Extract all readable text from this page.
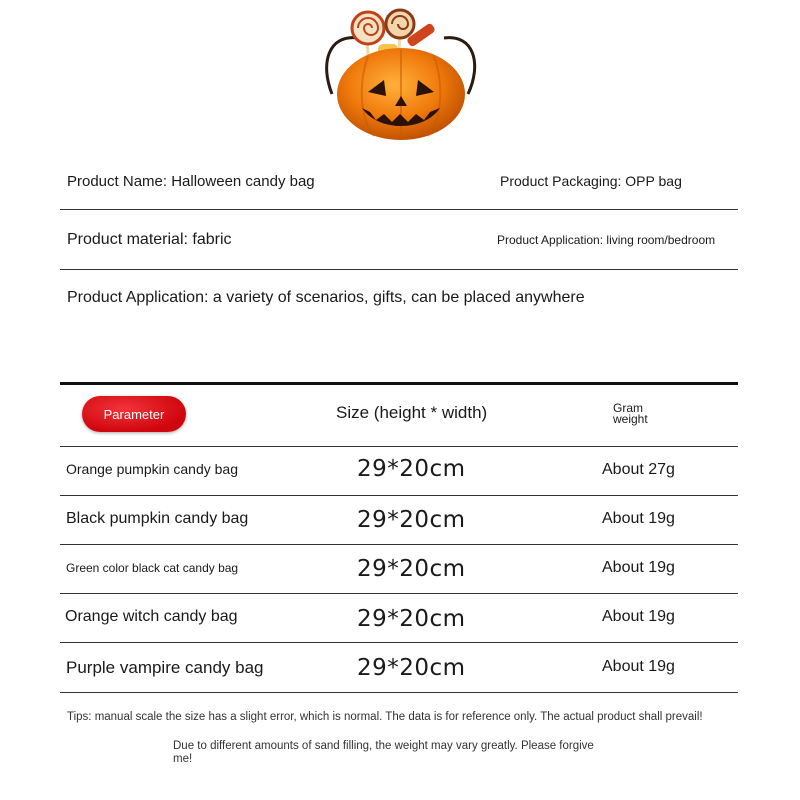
Product Name: Halloween candy bag	Product Packaging: OPP bag
Product material: fabric	Product Application: living room/bedroom
Product Application: a variety of scenarios, gifts, can be placed anywhere
Parameter	Size (height * width)	Gram
weight
Orange pumpkin candy bag	29*20cm	About 27g
Black pumpkin candy bag	29*20cm	About 19g
Green color black cat candy bag	29*20cm	About 19g
Orange witch candy bag	29*20cm	About 19g
Purple vampire candy bag	29*20cm	About 19g
Tips: manual scale the size has a slight error, which is normal. The data is for reference only. The actual product shall prevail!
Due to different amounts of sand filling, the weight may vary greatly. Please forgive me!
